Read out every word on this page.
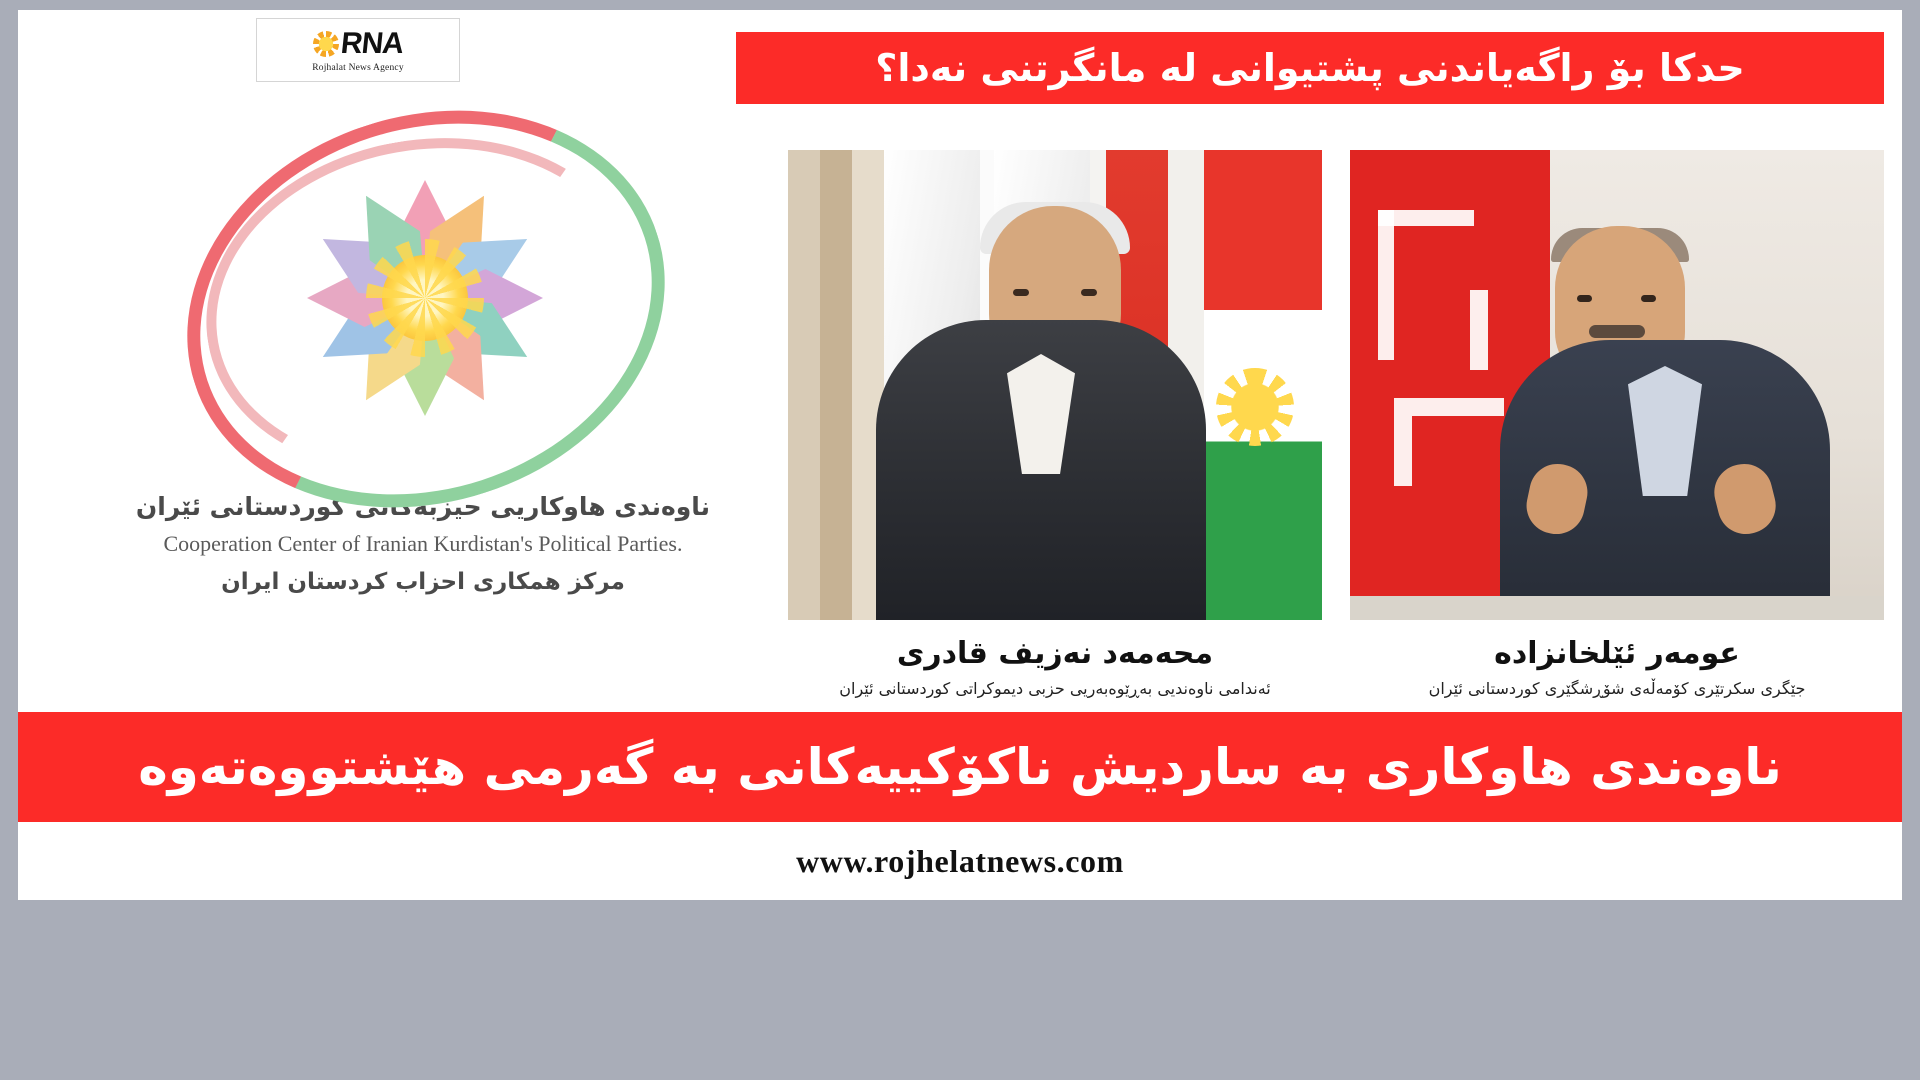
RNA
Rojhalat News Agency
ناوەندی هاوکاریی حیزبەکانی کوردستانی ئێران
Cooperation Center of Iranian Kurdistan's Political Parties.
مرکز همکاری احزاب کردستان ایران
حدکا بۆ راگەیاندنی پشتیوانی لە مانگرتنی نەدا؟
محەمەد نەزیف قادری
ئەندامی ناوەندیی بەڕێوەبەریی حزبی دیموکراتی کوردستانی ئێران
عومەر ئێلخانزاده
جێگری سکرتێری کۆمەڵەی شۆڕشگێری کوردستانی ئێران
ناوەندی هاوکاری بە ساردیش ناکۆکییەکانی بە گەرمی هێشتووەتەوە
www.rojhelatnews.com
